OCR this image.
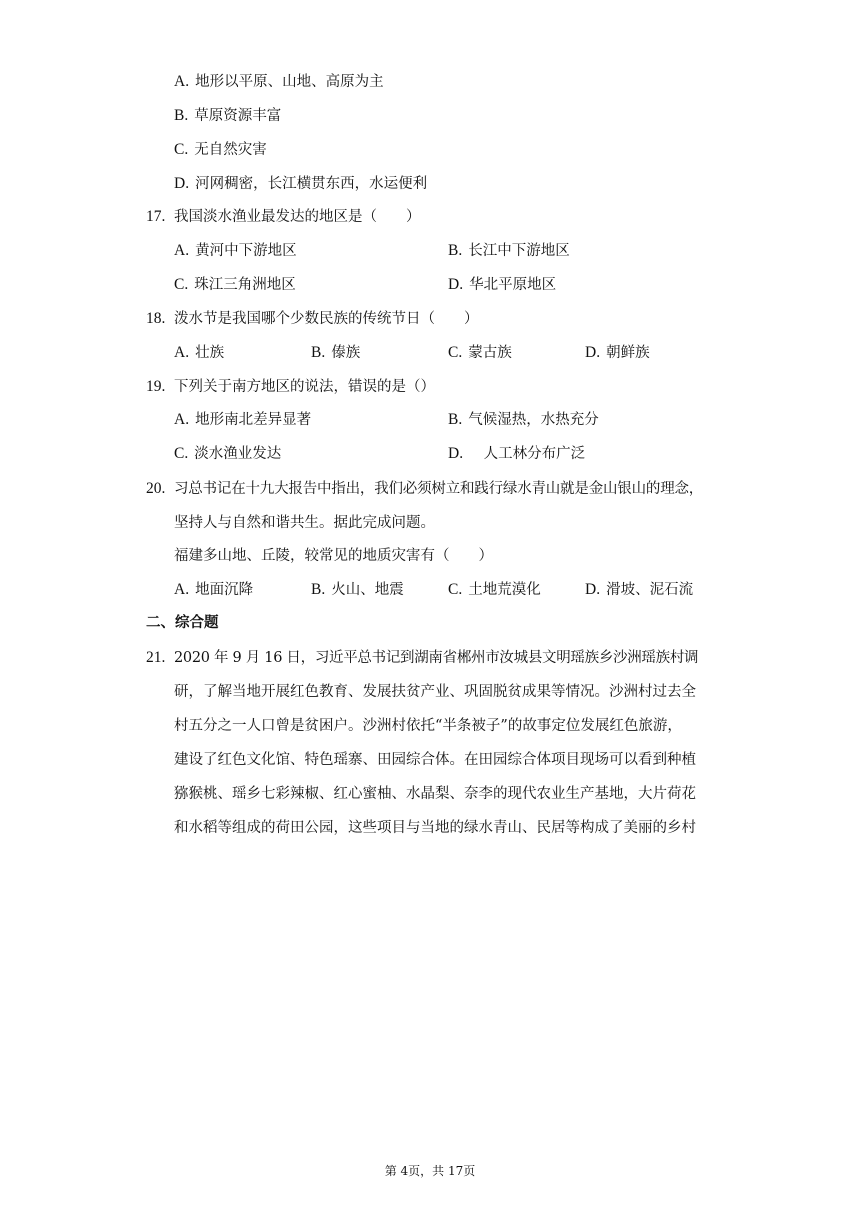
A. 地形以平原、山地、高原为主
B. 草原资源丰富
C. 无自然灾害
D. 河网稠密，长江横贯东西，水运便利
17. 我国淡水渔业最发达的地区是（　　）
A. 黄河中下游地区	B. 长江中下游地区
C. 珠江三角洲地区	D. 华北平原地区
18. 泼水节是我国哪个少数民族的传统节日（　　）
A. 壮族	B. 傣族	C. 蒙古族	D. 朝鲜族
19. 下列关于南方地区的说法，错误的是（）
A. 地形南北差异显著	B. 气候湿热，水热充分
C. 淡水渔业发达	D.　人工林分布广泛
20. 习总书记在十九大报告中指出，我们必须树立和践行绿水青山就是金山银山的理念，
坚持人与自然和谐共生。据此完成问题。
福建多山地、丘陵，较常见的地质灾害有（　　）
A. 地面沉降	B. 火山、地震	C. 土地荒漠化	D. 滑坡、泥石流
二、综合题
21. 2020 年 9 月 16 日，习近平总书记到湖南省郴州市汝城县文明瑶族乡沙洲瑶族村调
研，了解当地开展红色教育、发展扶贫产业、巩固脱贫成果等情况。沙洲村过去全
村五分之一人口曾是贫困户。沙洲村依托“半条被子”的故事定位发展红色旅游，
建设了红色文化馆、特色瑶寨、田园综合体。在田园综合体项目现场可以看到种植
猕猴桃、瑶乡七彩辣椒、红心蜜柚、水晶梨、奈李的现代农业生产基地，大片荷花
和水稻等组成的荷田公园，这些项目与当地的绿水青山、民居等构成了美丽的乡村
第 4页，共 17页
